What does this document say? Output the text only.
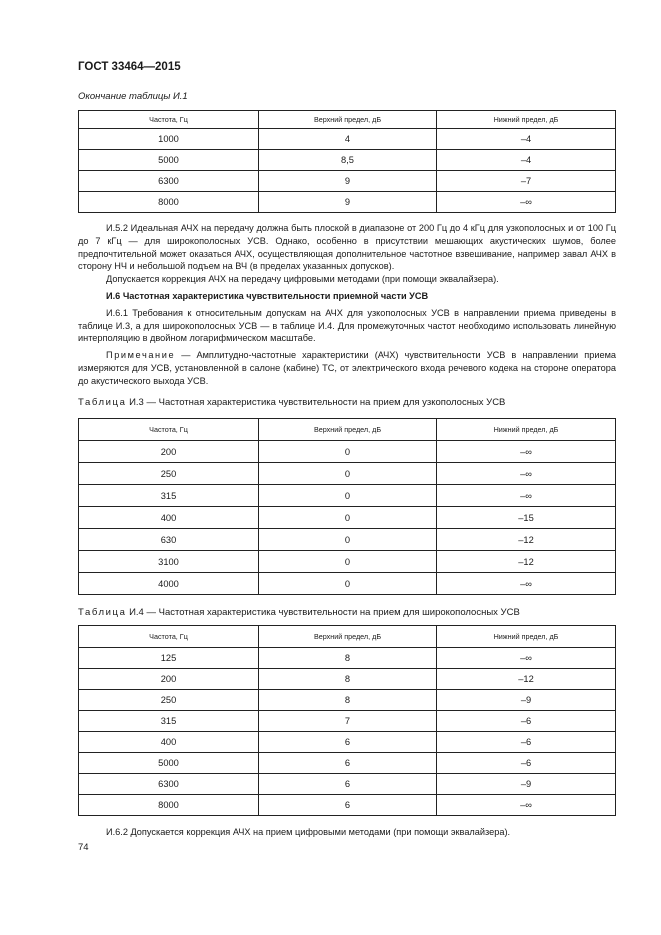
ГОСТ 33464—2015
Окончание таблицы И.1
Частота, Гц	Верхний предел, дБ	Нижний предел, дБ
1000	4	–4
5000	8,5	–4
6300	9	–7
8000	9	–∞

И.5.2 Идеальная АЧХ на передачу должна быть плоской в диапазоне от 200 Гц до 4 кГц для узкополосных и от 100 Гц до 7 кГц — для широкополосных УСВ. Однако, особенно в присутствии мешающих акустических шумов, более предпочтительной может оказаться АЧХ, осуществляющая дополнительное частотное взвешивание, например завал АЧХ в сторону НЧ и небольшой подъем на ВЧ (в пределах указанных допусков).

Допускается коррекция АЧХ на передачу цифровыми методами (при помощи эквалайзера).

И.6 Частотная характеристика чувствительности приемной части УСВ

И.6.1 Требования к относительным допускам на АЧХ для узкополосных УСВ в направлении приема приведены в таблице И.3, а для широкополосных УСВ — в таблице И.4. Для промежуточных частот необходимо использовать линейную интерполяцию в двойном логарифмическом масштабе.

Примечание — Амплитудно-частотные характеристики (АЧХ) чувствительности УСВ в направлении приема измеряются для УСВ, установленной в салоне (кабине) ТС, от электрического входа речевого кодека на стороне оператора до акустического выхода УСВ.

Таблица И.3 — Частотная характеристика чувствительности на прием для узкополосных УСВ
Частота, Гц	Верхний предел, дБ	Нижний предел, дБ
200	0	–∞
250	0	–∞
315	0	–∞
400	0	–15
630	0	–12
3100	0	–12
4000	0	–∞
Таблица И.4 — Частотная характеристика чувствительности на прием для широкополосных УСВ
Частота, Гц	Верхний предел, дБ	Нижний предел, дБ
125	8	–∞
200	8	–12
250	8	–9
315	7	–6
400	6	–6
5000	6	–6
6300	6	–9
8000	6	–∞
И.6.2 Допускается коррекция АЧХ на прием цифровыми методами (при помощи эквалайзера).
74
